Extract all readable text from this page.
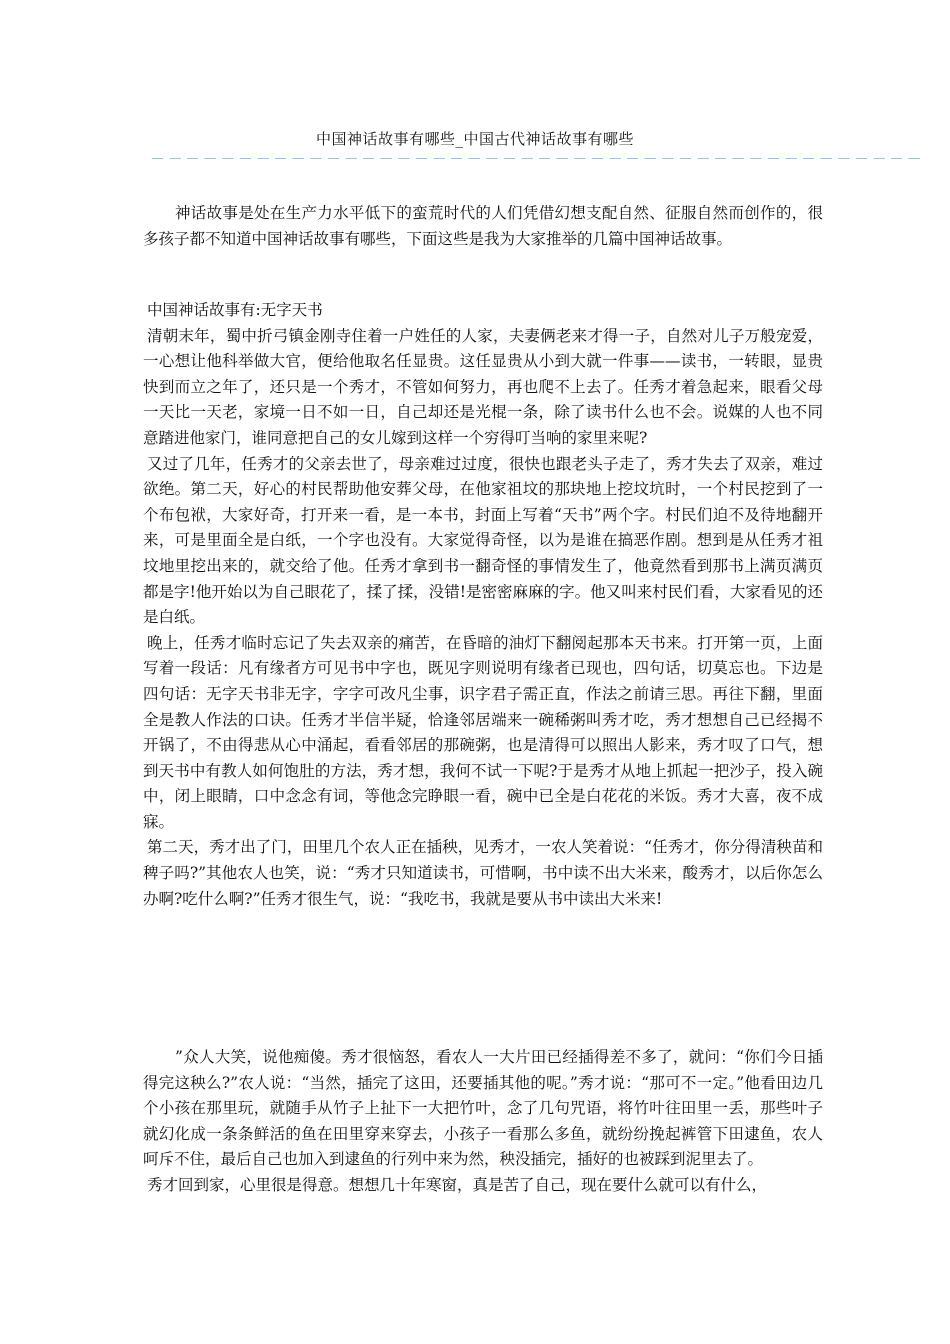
中国神话故事有哪些_中国古代神话故事有哪些
－－－－－－－－－－－－－－－－－－－－－－－－－－－－－－－－－－－－－－－－－－－－

神话故事是处在生产力水平低下的蛮荒时代的人们凭借幻想支配自然、征服自然而创作的，很多孩子都不知道中国神话故事有哪些，下面这些是我为大家推举的几篇中国神话故事。

中国神话故事有:无字天书

清朝末年，蜀中折弓镇金刚寺住着一户姓任的人家，夫妻俩老来才得一子，自然对儿子万般宠爱，一心想让他科举做大官，便给他取名任显贵。这任显贵从小到大就一件事——读书，一转眼，显贵快到而立之年了，还只是一个秀才，不管如何努力，再也爬不上去了。任秀才着急起来，眼看父母一天比一天老，家境一日不如一日，自己却还是光棍一条，除了读书什么也不会。说媒的人也不同意踏进他家门，谁同意把自己的女儿嫁到这样一个穷得叮当响的家里来呢?

又过了几年，任秀才的父亲去世了，母亲难过过度，很快也跟老头子走了，秀才失去了双亲，难过欲绝。第二天，好心的村民帮助他安葬父母，在他家祖坟的那块地上挖坟坑时，一个村民挖到了一个布包袱，大家好奇，打开来一看，是一本书，封面上写着“天书”两个字。村民们迫不及待地翻开来，可是里面全是白纸，一个字也没有。大家觉得奇怪，以为是谁在搞恶作剧。想到是从任秀才祖坟地里挖出来的，就交给了他。任秀才拿到书一翻奇怪的事情发生了，他竟然看到那书上满页满页都是字!他开始以为自己眼花了，揉了揉，没错!是密密麻麻的字。他又叫来村民们看，大家看见的还是白纸。

晚上，任秀才临时忘记了失去双亲的痛苦，在昏暗的油灯下翻阅起那本天书来。打开第一页，上面写着一段话：凡有缘者方可见书中字也，既见字则说明有缘者已现也，四句话，切莫忘也。下边是四句话：无字天书非无字，字字可改凡尘事，识字君子需正直，作法之前请三思。再往下翻，里面全是教人作法的口诀。任秀才半信半疑，恰逢邻居端来一碗稀粥叫秀才吃，秀才想想自己已经揭不开锅了，不由得悲从心中涌起，看看邻居的那碗粥，也是清得可以照出人影来，秀才叹了口气，想到天书中有教人如何饱肚的方法，秀才想，我何不试一下呢?于是秀才从地上抓起一把沙子，投入碗中，闭上眼睛，口中念念有词，等他念完睁眼一看，碗中已全是白花花的米饭。秀才大喜，夜不成寐。

第二天，秀才出了门，田里几个农人正在插秧，见秀才，一农人笑着说：“任秀才，你分得清秧苗和稗子吗?”其他农人也笑，说：“秀才只知道读书，可惜啊，书中读不出大米来，酸秀才，以后你怎么办啊?吃什么啊?”任秀才很生气，说：“我吃书，我就是要从书中读出大米来!

”众人大笑，说他痴傻。秀才很恼怒，看农人一大片田已经插得差不多了，就问：“你们今日插得完这秧么?”农人说：“当然，插完了这田，还要插其他的呢。”秀才说：“那可不一定。”他看田边几个小孩在那里玩，就随手从竹子上扯下一大把竹叶，念了几句咒语，将竹叶往田里一丢，那些叶子就幻化成一条条鲜活的鱼在田里穿来穿去，小孩子一看那么多鱼，就纷纷挽起裤管下田逮鱼，农人呵斥不住，最后自己也加入到逮鱼的行列中来为然，秧没插完，插好的也被踩到泥里去了。

秀才回到家，心里很是得意。想想几十年寒窗，真是苦了自己，现在要什么就可以有什么，
